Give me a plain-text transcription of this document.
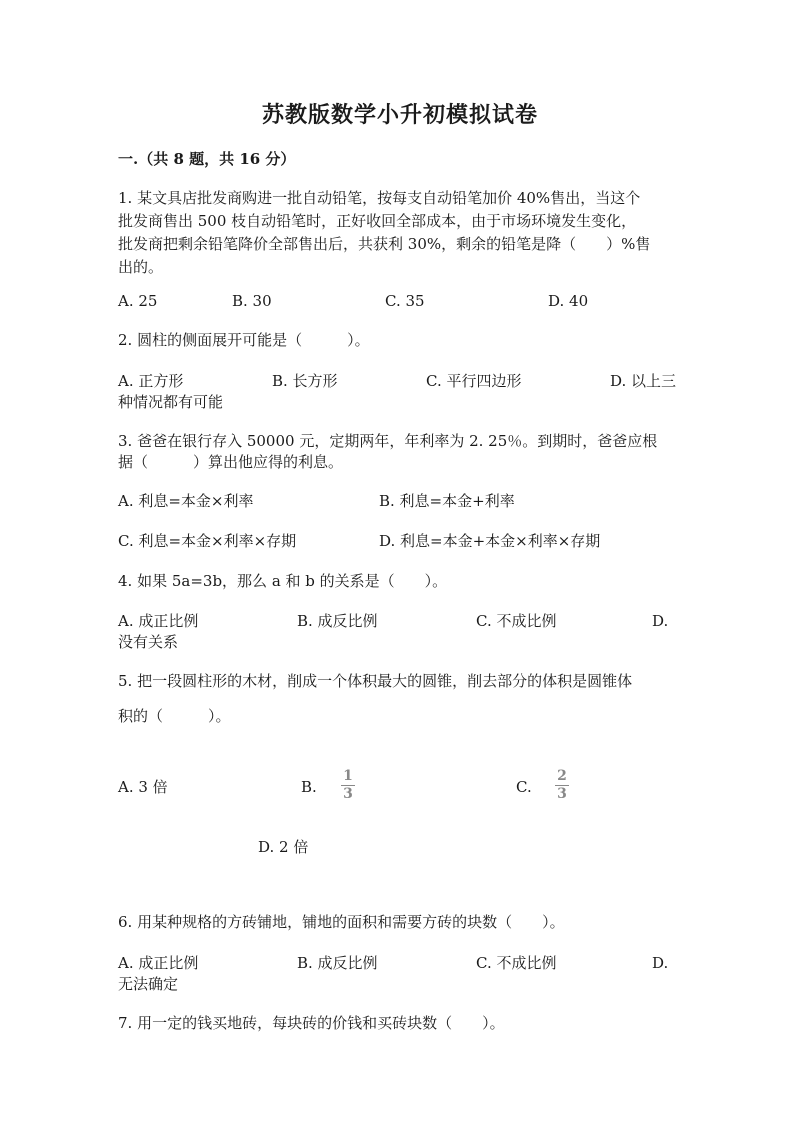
苏教版数学小升初模拟试卷
一.（共 8 题，共 16 分）
1. 某文具店批发商购进一批自动铅笔，按每支自动铅笔加价 40%售出，当这个
批发商售出 500 枝自动铅笔时，正好收回全部成本，由于市场环境发生变化，
批发商把剩余铅笔降价全部售出后，共获利 30%，剩余的铅笔是降（　　）%售
出的。
A. 25	B. 30	C. 35	D. 40
2. 圆柱的侧面展开可能是（　　　）。
A. 正方形	B. 长方形	C. 平行四边形	D. 以上三
种情况都有可能
3. 爸爸在银行存入 50000 元，定期两年，年利率为 2. 25％。到期时，爸爸应根
据（　　　）算出他应得的利息。
A. 利息=本金×利率	B. 利息=本金+利率
C. 利息=本金×利率×存期	D. 利息=本金+本金×利率×存期
4. 如果 5a=3b，那么 a 和 b 的关系是（　　）。
A. 成正比例	B. 成反比例	C. 不成比例	D.
没有关系
5. 把一段圆柱形的木材，削成一个体积最大的圆锥，削去部分的体积是圆锥体
积的（　　　）。
A. 3 倍	B.
1
3	C.
2
3
D. 2 倍
6. 用某种规格的方砖铺地，铺地的面积和需要方砖的块数（　　）。
A. 成正比例	B. 成反比例	C. 不成比例	D.
无法确定
7. 用一定的钱买地砖，每块砖的价钱和买砖块数（　　）。
